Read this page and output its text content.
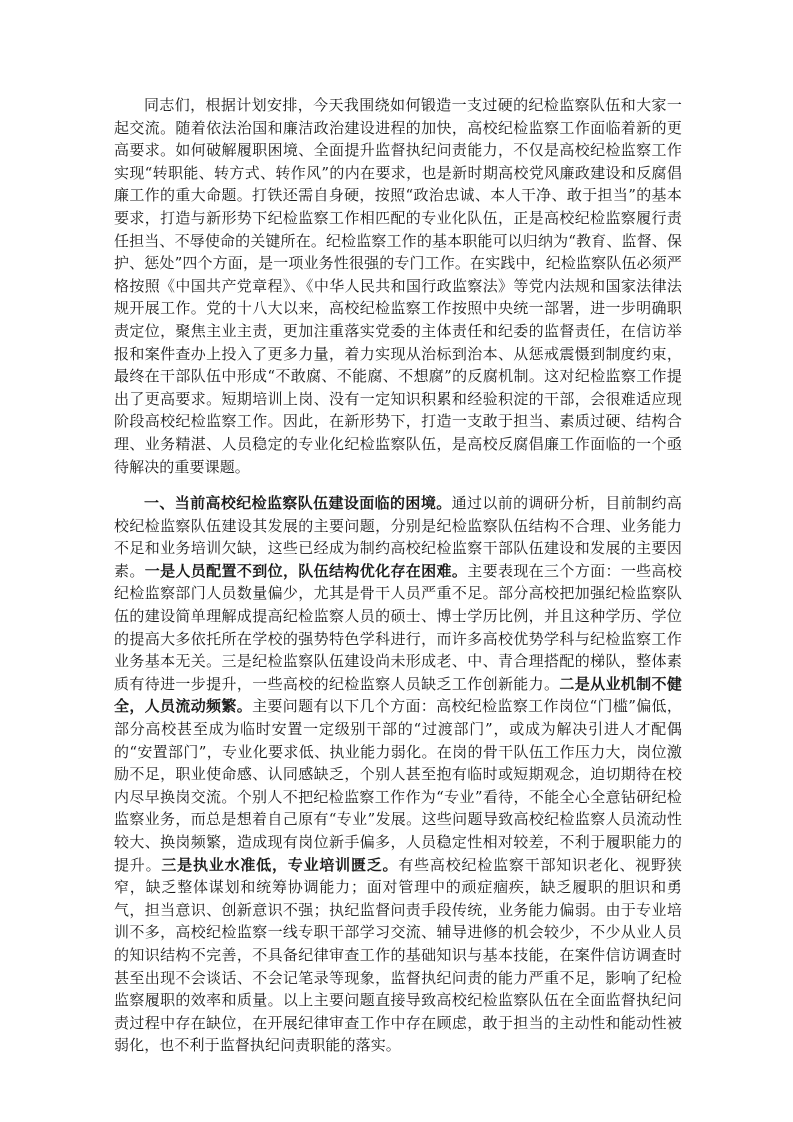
同志们，根据计划安排，今天我围绕如何锻造一支过硬的纪检监察队伍和大家一起交流。随着依法治国和廉洁政治建设进程的加快，高校纪检监察工作面临着新的更高要求。如何破解履职困境、全面提升监督执纪问责能力，不仅是高校纪检监察工作实现“转职能、转方式、转作风”的内在要求，也是新时期高校党风廉政建设和反腐倡廉工作的重大命题。打铁还需自身硬，按照“政治忠诚、本人干净、敢于担当”的基本要求，打造与新形势下纪检监察工作相匹配的专业化队伍，正是高校纪检监察履行责任担当、不辱使命的关键所在。纪检监察工作的基本职能可以归纳为“教育、监督、保护、惩处”四个方面，是一项业务性很强的专门工作。在实践中，纪检监察队伍必须严格按照《中国共产党章程》、《中华人民共和国行政监察法》等党内法规和国家法律法规开展工作。党的十八大以来，高校纪检监察工作按照中央统一部署，进一步明确职责定位，聚焦主业主责，更加注重落实党委的主体责任和纪委的监督责任，在信访举报和案件查办上投入了更多力量，着力实现从治标到治本、从惩戒震慑到制度约束，最终在干部队伍中形成“不敢腐、不能腐、不想腐”的反腐机制。这对纪检监察工作提出了更高要求。短期培训上岗、没有一定知识积累和经验积淀的干部，会很难适应现阶段高校纪检监察工作。因此，在新形势下，打造一支敢于担当、素质过硬、结构合理、业务精湛、人员稳定的专业化纪检监察队伍，是高校反腐倡廉工作面临的一个亟待解决的重要课题。

一、当前高校纪检监察队伍建设面临的困境。通过以前的调研分析，目前制约高校纪检监察队伍建设其发展的主要问题，分别是纪检监察队伍结构不合理、业务能力不足和业务培训欠缺，这些已经成为制约高校纪检监察干部队伍建设和发展的主要因素。一是人员配置不到位，队伍结构优化存在困难。主要表现在三个方面：一些高校纪检监察部门人员数量偏少，尤其是骨干人员严重不足。部分高校把加强纪检监察队伍的建设简单理解成提高纪检监察人员的硕士、博士学历比例，并且这种学历、学位的提高大多依托所在学校的强势特色学科进行，而许多高校优势学科与纪检监察工作业务基本无关。三是纪检监察队伍建设尚未形成老、中、青合理搭配的梯队，整体素质有待进一步提升，一些高校的纪检监察人员缺乏工作创新能力。二是从业机制不健全，人员流动频繁。主要问题有以下几个方面：高校纪检监察工作岗位“门槛”偏低，部分高校甚至成为临时安置一定级别干部的“过渡部门”，或成为解决引进人才配偶的“安置部门”，专业化要求低、执业能力弱化。在岗的骨干队伍工作压力大，岗位激励不足，职业使命感、认同感缺乏，个别人甚至抱有临时或短期观念，迫切期待在校内尽早换岗交流。个别人不把纪检监察工作作为“专业”看待，不能全心全意钻研纪检监察业务，而总是想着自己原有“专业”发展。这些问题导致高校纪检监察人员流动性较大、换岗频繁，造成现有岗位新手偏多，人员稳定性相对较差，不利于履职能力的提升。三是执业水准低，专业培训匮乏。有些高校纪检监察干部知识老化、视野狭窄，缺乏整体谋划和统筹协调能力；面对管理中的顽症痼疾，缺乏履职的胆识和勇气，担当意识、创新意识不强；执纪监督问责手段传统，业务能力偏弱。由于专业培训不多，高校纪检监察一线专职干部学习交流、辅导进修的机会较少，不少从业人员的知识结构不完善，不具备纪律审查工作的基础知识与基本技能，在案件信访调查时甚至出现不会谈话、不会记笔录等现象，监督执纪问责的能力严重不足，影响了纪检监察履职的效率和质量。以上主要问题直接导致高校纪检监察队伍在全面监督执纪问责过程中存在缺位，在开展纪律审查工作中存在顾虑，敢于担当的主动性和能动性被弱化，也不利于监督执纪问责职能的落实。
